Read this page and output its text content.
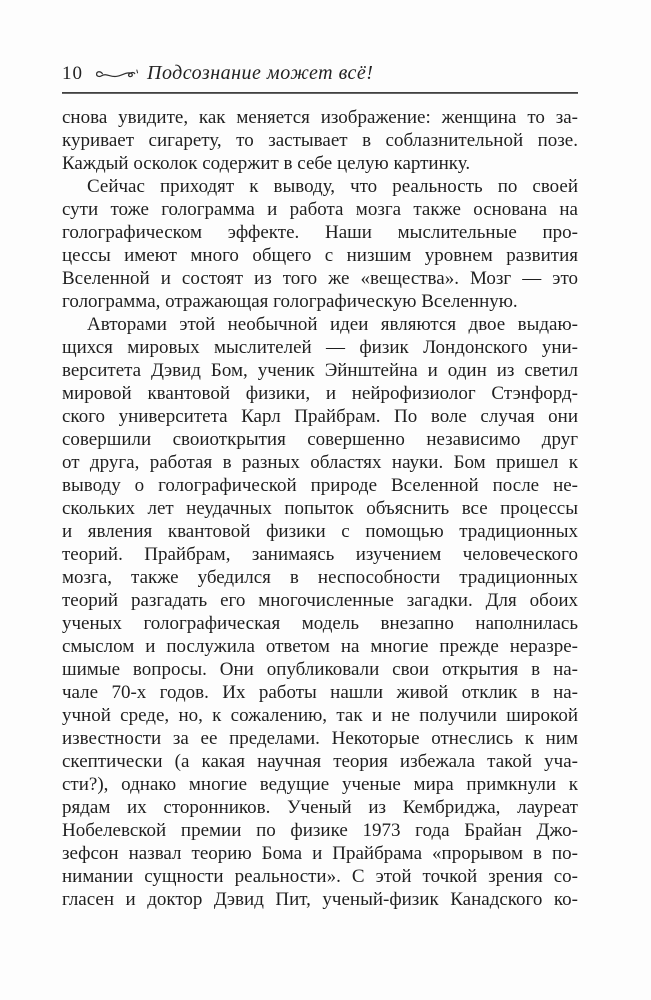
10	Подсознание может всё!
снова увидите, как меняется изображение: женщина то за-
куривает сигарету, то застывает в соблазнительной позе.
Каждый осколок содержит в себе целую картинку.
Сейчас приходят к выводу, что реальность по своей
сути тоже голограмма и работа мозга также основана на
голографическом эффекте. Наши мыслительные про-
цессы имеют много общего с низшим уровнем развития
Вселенной и состоят из того же «вещества». Мозг — это
голограмма, отражающая голографическую Вселенную.
Авторами этой необычной идеи являются двое выдаю-
щихся мировых мыслителей — физик Лондонского уни-
верситета Дэвид Бом, ученик Эйнштейна и один из светил
мировой квантовой физики, и нейрофизиолог Стэнфорд-
ского университета Карл Прайбрам. По воле случая они
совершили своиоткрытия совершенно независимо друг
от друга, работая в разных областях науки. Бом пришел к
выводу о голографической природе Вселенной после не-
скольких лет неудачных попыток объяснить все процессы
и явления квантовой физики с помощью традиционных
теорий. Прайбрам, занимаясь изучением человеческого
мозга, также убедился в неспособности традиционных
теорий разгадать его многочисленные загадки. Для обоих
ученых голографическая модель внезапно наполнилась
смыслом и послужила ответом на многие прежде неразре-
шимые вопросы. Они опубликовали свои открытия в на-
чале 70-х годов. Их работы нашли живой отклик в на-
учной среде, но, к сожалению, так и не получили широкой
известности за ее пределами. Некоторые отнеслись к ним
скептически (а какая научная теория избежала такой уча-
сти?), однако многие ведущие ученые мира примкнули к
рядам их сторонников. Ученый из Кембриджа, лауреат
Нобелевской премии по физике 1973 года Брайан Джо-
зефсон назвал теорию Бома и Прайбрама «прорывом в по-
нимании сущности реальности». С этой точкой зрения со-
гласен и доктор Дэвид Пит, ученый-физик Канадского ко-
